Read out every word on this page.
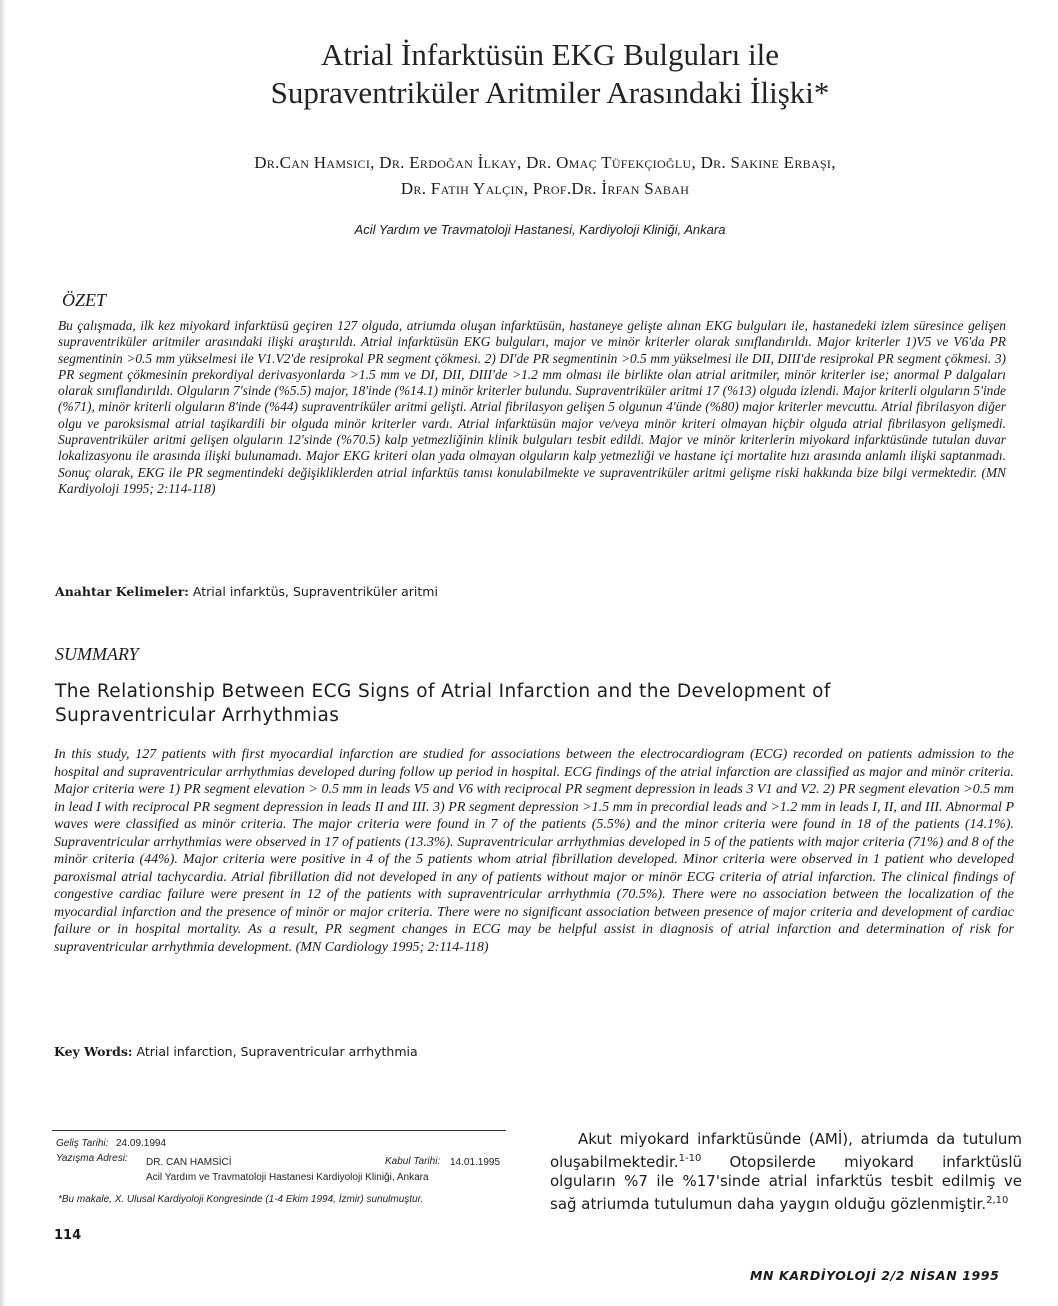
Atrial İnfarktüsün EKG Bulguları ile
Supraventriküler Aritmiler Arasındaki İlişki*
Dr.Can Hamsici, Dr. Erdoğan İlkay, Dr. Omaç Tüfekçioğlu, Dr. Sakine Erbaşı,
Dr. Fatih Yalçın, Prof.Dr. İrfan Sabah
Acil Yardım ve Travmatoloji Hastanesi, Kardiyoloji Kliniği, Ankara
ÖZET

Bu çalışmada, ilk kez miyokard infarktüsü geçiren 127 olguda, atriumda oluşan infarktüsün, hastaneye gelişte alınan EKG bulguları ile, hastanedeki izlem süresince gelişen supraventriküler aritmiler arasındaki ilişki araştırıldı. Atrial infarktüsün EKG bulguları, major ve minör kriterler olarak sınıflandırıldı. Major kriterler 1)V5 ve V6'da PR segmentinin >0.5 mm yükselmesi ile V1.V2'de resiprokal PR segment çökmesi. 2) DI'de PR segmentinin >0.5 mm yükselmesi ile DII, DIII'de resiprokal PR segment çökmesi. 3) PR segment çökmesinin prekordiyal derivasyonlarda >1.5 mm ve DI, DII, DIII'de >1.2 mm olması ile birlikte olan atrial aritmiler, minör kriterler ise; anormal P dalgaları olarak sınıflandırıldı. Olguların 7'sinde (%5.5) major, 18'inde (%14.1) minör kriterler bulundu. Supraventriküler aritmi 17 (%13) olguda izlendi. Major kriterli olguların 5'inde (%71), minör kriterli olguların 8'inde (%44) supraventriküler aritmi gelişti. Atrial fibrilasyon gelişen 5 olgunun 4'ünde (%80) major kriterler mevcuttu. Atrial fibrilasyon diğer olgu ve paroksismal atrial taşikardili bir olguda minör kriterler vardı. Atrial infarktüsün major ve/veya minör kriteri olmayan hiçbir olguda atrial fibrilasyon gelişmedi. Supraventriküler aritmi gelişen olguların 12'sinde (%70.5) kalp yetmezliğinin klinik bulguları tesbit edildi. Major ve minör kriterlerin miyokard infarktüsünde tutulan duvar lokalizasyonu ile arasında ilişki bulunamadı. Major EKG kriteri olan yada olmayan olguların kalp yetmezliği ve hastane içi mortalite hızı arasında anlamlı ilişki saptanmadı. Sonuç olarak, EKG ile PR segmentindeki değişikliklerden atrial infarktüs tanısı konulabilmekte ve supraventriküler aritmi gelişme riski hakkında bize bilgi vermektedir. (MN Kardiyoloji 1995; 2:114-118)

Anahtar Kelimeler: Atrial infarktüs, Supraventriküler aritmi
SUMMARY
The Relationship Between ECG Signs of Atrial Infarction and the Development of
Supraventricular Arrhythmias

In this study, 127 patients with first myocardial infarction are studied for associations between the electrocardiogram (ECG) recorded on patients admission to the hospital and supraventricular arrhythmias developed during follow up period in hospital. ECG findings of the atrial infarction are classified as major and minör criteria. Major criteria were 1) PR segment elevation > 0.5 mm in leads V5 and V6 with reciprocal PR segment depression in leads 3 V1 and V2. 2) PR segment elevation >0.5 mm in lead I with reciprocal PR segment depression in leads II and III. 3) PR segment depression >1.5 mm in precordial leads and >1.2 mm in leads I, II, and III. Abnormal P waves were classified as minör criteria. The major criteria were found in 7 of the patients (5.5%) and the minor criteria were found in 18 of the patients (14.1%). Supraventricular arrhythmias were observed in 17 of patients (13.3%). Supraventricular arrhythmias developed in 5 of the patients with major criteria (71%) and 8 of the minör criteria (44%). Major criteria were positive in 4 of the 5 patients whom atrial fibrillation developed. Minor criteria were observed in 1 patient who developed paroxismal atrial tachycardia. Atrial fibrillation did not developed in any of patients without major or minör ECG criteria of atrial infarction. The clinical findings of congestive cardiac failure were present in 12 of the patients with supraventricular arrhythmia (70.5%). There were no association between the localization of the myocardial infarction and the presence of minör or major criteria. There were no significant association between presence of major criteria and development of cardiac failure or in hospital mortality. As a result, PR segment changes in ECG may be helpful assist in diagnosis of atrial infarction and determination of risk for supraventricular arrhythmia development. (MN Cardiology 1995; 2:114-118)

Key Words: Atrial infarction, Supraventricular arrhythmia
Geliş Tarihi: 24.09.1994
Yazışma Adresi: DR. CAN HAMSİCİ
Acil Yardım ve Travmatoloji Hastanesi Kardiyoloji Kliniği, Ankara
Kabul Tarihi: 14.01.1995
*Bu makale, X. Ulusal Kardiyoloji Kongresinde (1-4 Ekim 1994, İzmir) sunulmuştur.
114

Akut miyokard infarktüsünde (AMİ), atriumda da tutulum oluşabilmektedir.$^{1-10}$ Otopsilerde miyokard infarktüslü olguların %7 ile %17'sinde atrial infarktüs tesbit edilmiş ve sağ atriumda tutulumun daha yaygın olduğu gözlenmiştir.$^{2,10}$

MN KARDİYOLOJİ 2/2 NİSAN 1995
